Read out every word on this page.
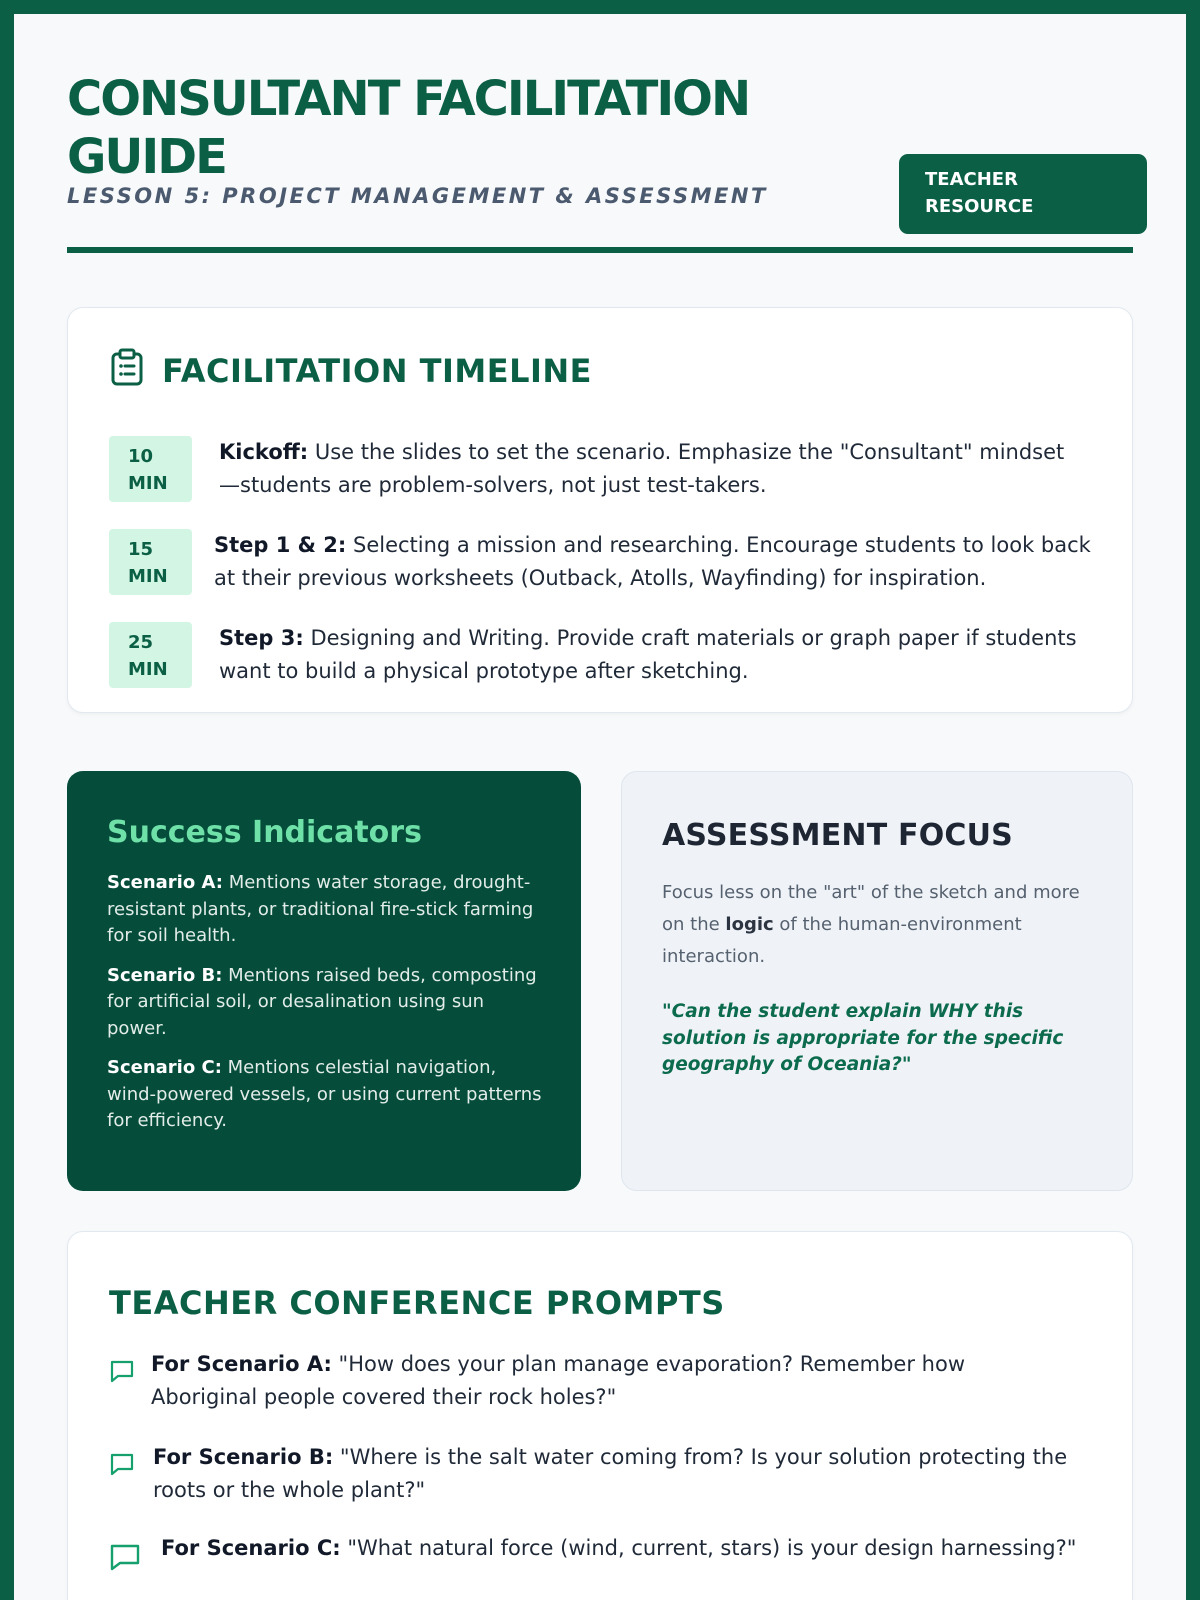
CONSULTANT FACILITATION GUIDE
LESSON 5: PROJECT MANAGEMENT & ASSESSMENT
TEACHER RESOURCE
FACILITATION TIMELINE
10
MIN
Kickoff: Use the slides to set the scenario. Emphasize the "Consultant" mindset—students are problem-solvers, not just test-takers.
15
MIN
Step 1 & 2: Selecting a mission and researching. Encourage students to look back at their previous worksheets (Outback, Atolls, Wayfinding) for inspiration.
25
MIN
Step 3: Designing and Writing. Provide craft materials or graph paper if students want to build a physical prototype after sketching.
Success Indicators

Scenario A: Mentions water storage, drought-resistant plants, or traditional fire-stick farming for soil health.

Scenario B: Mentions raised beds, composting for artificial soil, or desalination using sun power.

Scenario C: Mentions celestial navigation, wind-powered vessels, or using current patterns for efficiency.

ASSESSMENT FOCUS
Focus less on the "art" of the sketch and more on the logic of the human-environment interaction.
"Can the student explain WHY this solution is appropriate for the specific geography of Oceania?"
TEACHER CONFERENCE PROMPTS
For Scenario A: "How does your plan manage evaporation? Remember how Aboriginal people covered their rock holes?"
For Scenario B: "Where is the salt water coming from? Is your solution protecting the roots or the whole plant?"
For Scenario C: "What natural force (wind, current, stars) is your design harnessing?"
